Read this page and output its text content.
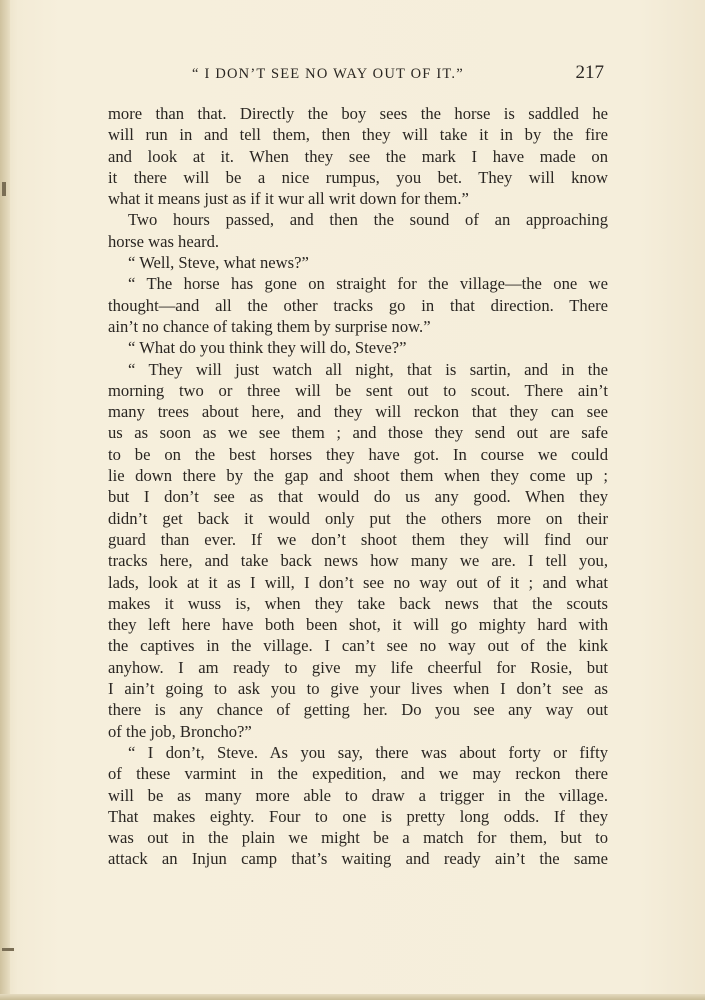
“ I DON’T SEE NO WAY OUT OF IT.”	217
more than that. Directly the boy sees the horse is saddled he
will run in and tell them, then they will take it in by the fire
and look at it. When they see the mark I have made on
it there will be a nice rumpus, you bet. They will know
what it means just as if it wur all writ down for them.”
Two hours passed, and then the sound of an approaching
horse was heard.
“ Well, Steve, what news?”
“ The horse has gone on straight for the village—the one we
thought—and all the other tracks go in that direction. There
ain’t no chance of taking them by surprise now.”
“ What do you think they will do, Steve?”
“ They will just watch all night, that is sartin, and in the
morning two or three will be sent out to scout. There ain’t
many trees about here, and they will reckon that they can see
us as soon as we see them ; and those they send out are safe
to be on the best horses they have got. In course we could
lie down there by the gap and shoot them when they come up ;
but I don’t see as that would do us any good. When they
didn’t get back it would only put the others more on their
guard than ever. If we don’t shoot them they will find our
tracks here, and take back news how many we are. I tell you,
lads, look at it as I will, I don’t see no way out of it ; and what
makes it wuss is, when they take back news that the scouts
they left here have both been shot, it will go mighty hard with
the captives in the village. I can’t see no way out of the kink
anyhow. I am ready to give my life cheerful for Rosie, but
I ain’t going to ask you to give your lives when I don’t see as
there is any chance of getting her. Do you see any way out
of the job, Broncho?”
“ I don’t, Steve. As you say, there was about forty or fifty
of these varmint in the expedition, and we may reckon there
will be as many more able to draw a trigger in the village.
That makes eighty. Four to one is pretty long odds. If they
was out in the plain we might be a match for them, but to
attack an Injun camp that’s waiting and ready ain’t the same
